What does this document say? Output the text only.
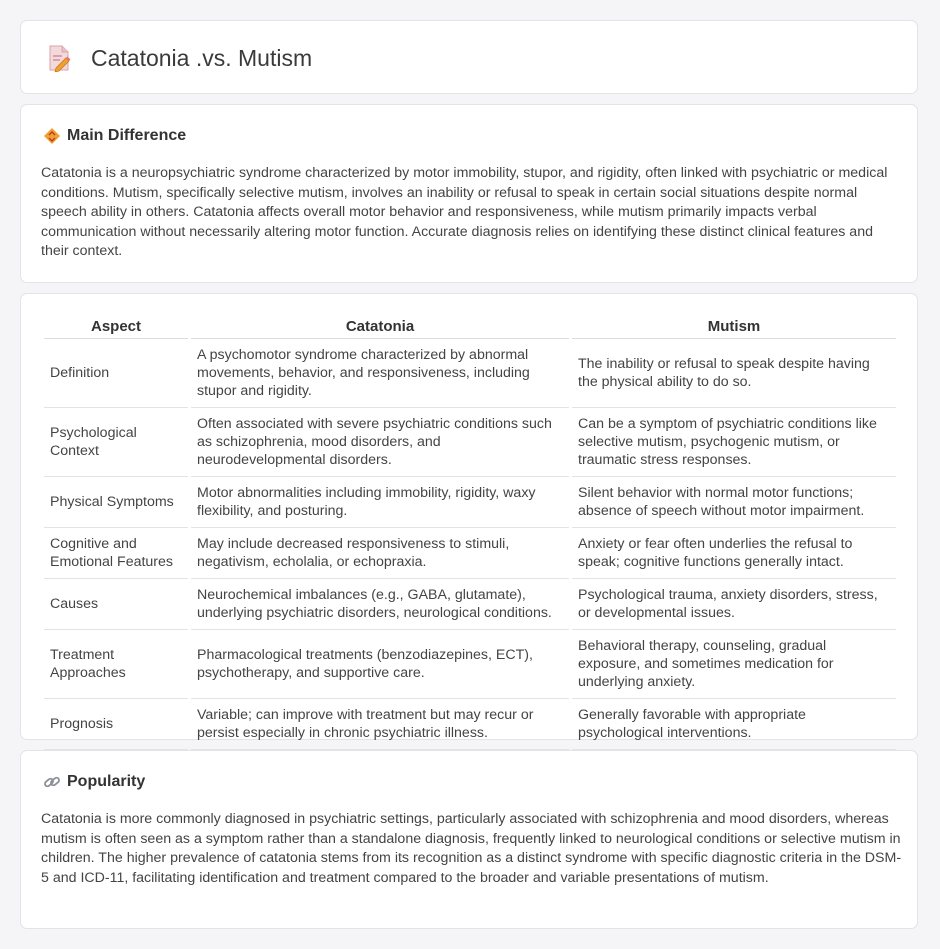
Catatonia .vs. Mutism
Main Difference

Catatonia is a neuropsychiatric syndrome characterized by motor immobility, stupor, and rigidity, often linked with psychiatric or medical conditions. Mutism, specifically selective mutism, involves an inability or refusal to speak in certain social situations despite normal speech ability in others. Catatonia affects overall motor behavior and responsiveness, while mutism primarily impacts verbal communication without necessarily altering motor function. Accurate diagnosis relies on identifying these distinct clinical features and their context.

Aspect	Catatonia	Mutism
Definition	A psychomotor syndrome characterized by abnormal movements, behavior, and responsiveness, including stupor and rigidity.	The inability or refusal to speak despite having the physical ability to do so.
Psychological Context	Often associated with severe psychiatric conditions such as schizophrenia, mood disorders, and neurodevelopmental disorders.	Can be a symptom of psychiatric conditions like selective mutism, psychogenic mutism, or traumatic stress responses.
Physical Symptoms	Motor abnormalities including immobility, rigidity, waxy flexibility, and posturing.	Silent behavior with normal motor functions; absence of speech without motor impairment.
Cognitive and Emotional Features	May include decreased responsiveness to stimuli, negativism, echolalia, or echopraxia.	Anxiety or fear often underlies the refusal to speak; cognitive functions generally intact.
Causes	Neurochemical imbalances (e.g., GABA, glutamate), underlying psychiatric disorders, neurological conditions.	Psychological trauma, anxiety disorders, stress, or developmental issues.
Treatment Approaches	Pharmacological treatments (benzodiazepines, ECT), psychotherapy, and supportive care.	Behavioral therapy, counseling, gradual exposure, and sometimes medication for underlying anxiety.
Prognosis	Variable; can improve with treatment but may recur or persist especially in chronic psychiatric illness.	Generally favorable with appropriate psychological interventions.
Popularity

Catatonia is more commonly diagnosed in psychiatric settings, particularly associated with schizophrenia and mood disorders, whereas mutism is often seen as a symptom rather than a standalone diagnosis, frequently linked to neurological conditions or selective mutism in children. The higher prevalence of catatonia stems from its recognition as a distinct syndrome with specific diagnostic criteria in the DSM-5 and ICD-11, facilitating identification and treatment compared to the broader and variable presentations of mutism.
